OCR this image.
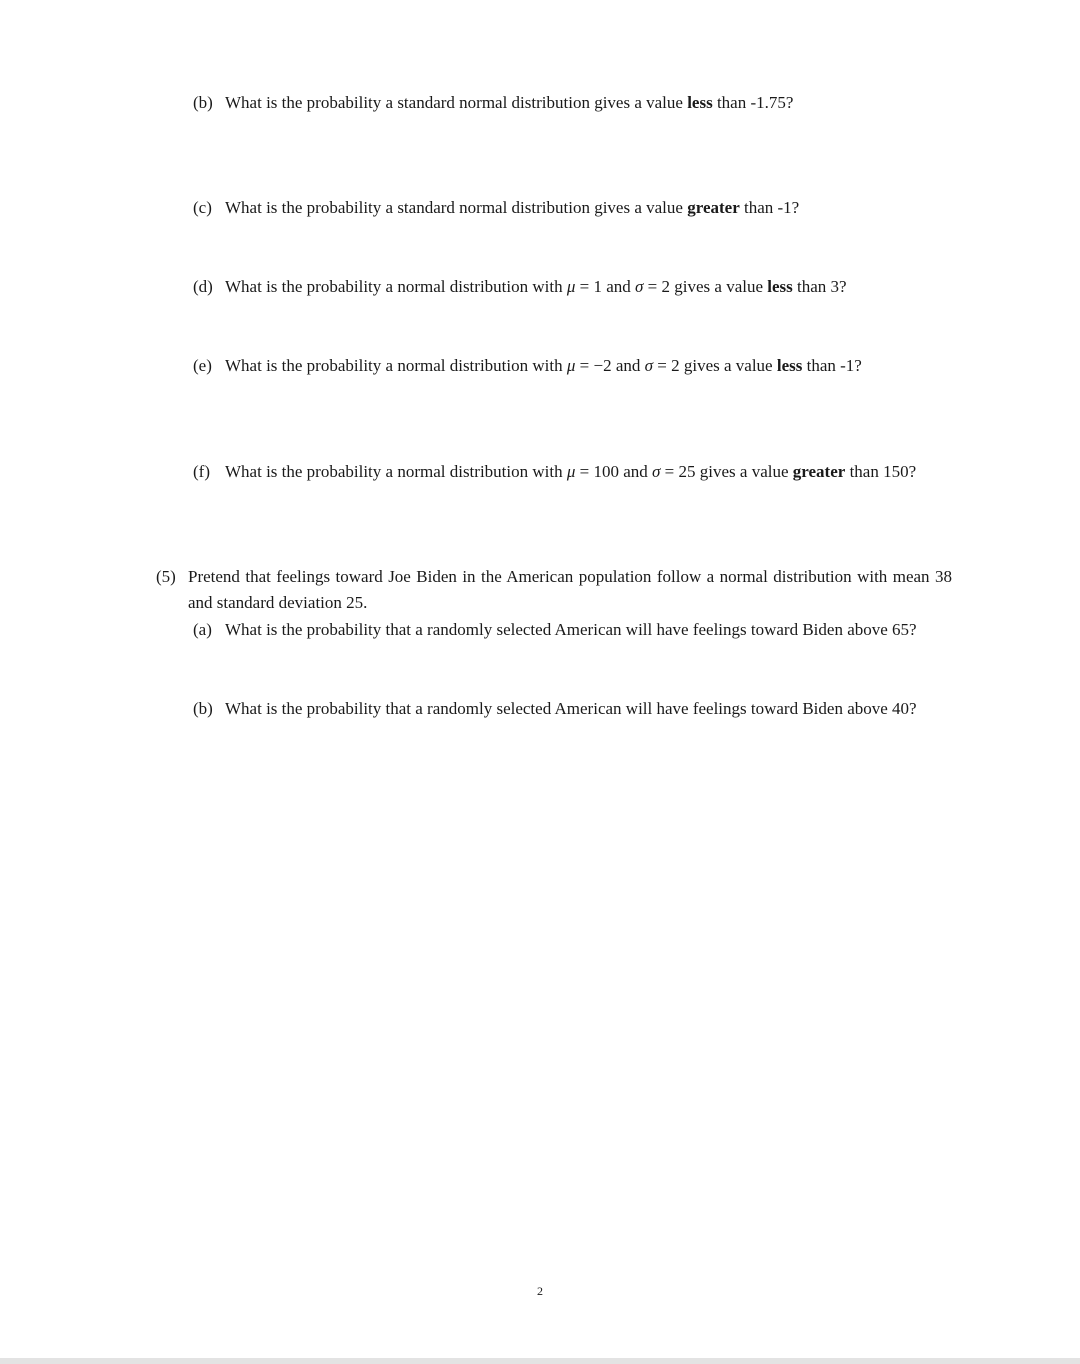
(b) What is the probability a standard normal distribution gives a value less than -1.75?
(c) What is the probability a standard normal distribution gives a value greater than -1?
(d) What is the probability a normal distribution with μ = 1 and σ = 2 gives a value less than 3?
(e) What is the probability a normal distribution with μ = −2 and σ = 2 gives a value less than -1?
(f) What is the probability a normal distribution with μ = 100 and σ = 25 gives a value greater than 150?
(5) Pretend that feelings toward Joe Biden in the American population follow a normal distribution with mean 38 and standard deviation 25.
(a) What is the probability that a randomly selected American will have feelings toward Biden above 65?
(b) What is the probability that a randomly selected American will have feelings toward Biden above 40?
2
